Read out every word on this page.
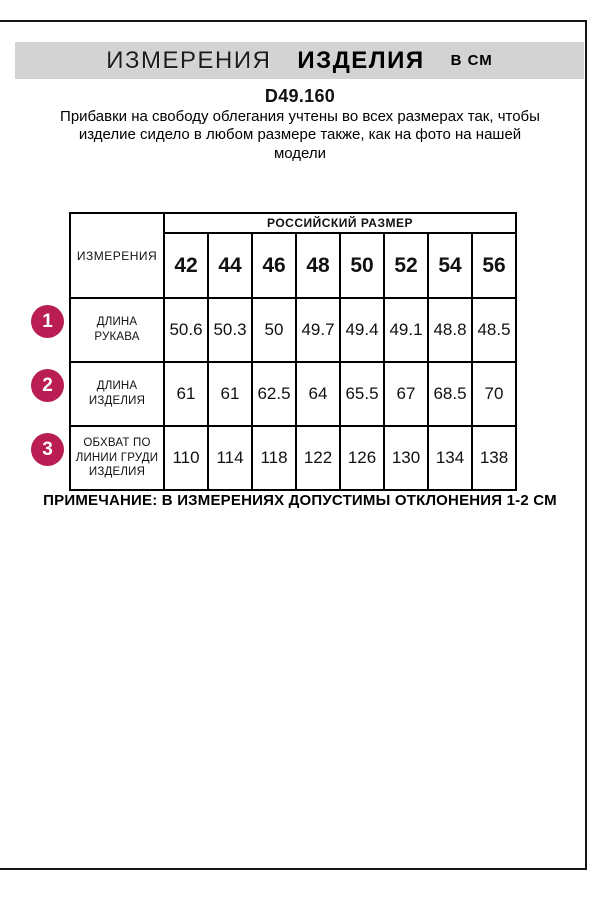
ИЗМЕРЕНИЯ ИЗДЕЛИЯ В СМ
D49.160

Прибавки на свободу облегания учтены во всех размерах так, чтобы изделие сидело в любом размере также, как на фото на нашей модели

ИЗМЕРЕНИЯ	РОССИЙСКИЙ РАЗМЕР							
	42	44	46	48	50	52	54	56
ДЛИНА РУКАВА	50.6	50.3	50	49.7	49.4	49.1	48.8	48.5
ДЛИНА ИЗДЕЛИЯ	61	61	62.5	64	65.5	67	68.5	70
ОБХВАТ ПО ЛИНИИ ГРУДИ ИЗДЕЛИЯ	110	114	118	122	126	130	134	138
1
2
3
ПРИМЕЧАНИЕ: В ИЗМЕРЕНИЯХ ДОПУСТИМЫ ОТКЛОНЕНИЯ 1-2 СМ
